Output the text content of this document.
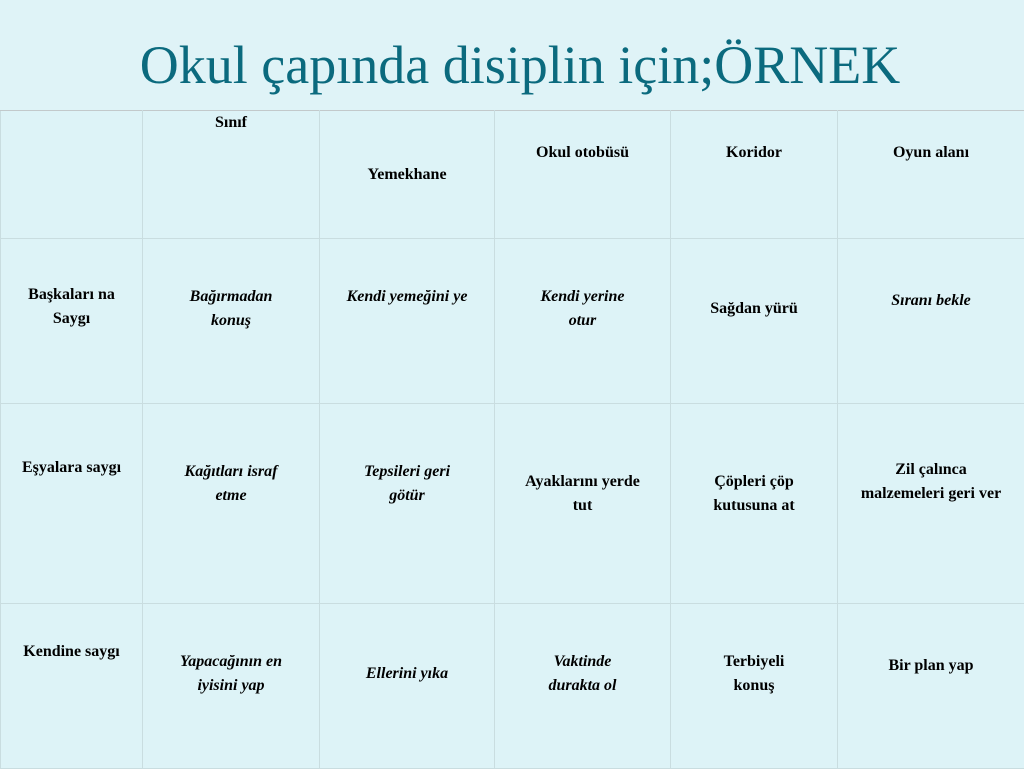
Okul çapında disiplin için;ÖRNEK
	Sınıf	Yemekhane	Okul otobüsü	Koridor	Oyun alanı
Başkaları na Saygı	Bağırmadan konuş	Kendi yemeğini ye	Kendi yerine otur	Sağdan yürü	Sıranı bekle
Eşyalara saygı	Kağıtları israf etme	Tepsileri geri götür	Ayaklarını yerde tut	Çöpleri çöp kutusuna at	Zil çalınca malzemeleri geri ver
Kendine saygı	Yapacağının en iyisini yap	Ellerini yıka	Vaktinde durakta ol	Terbiyeli konuş	Bir plan yap
